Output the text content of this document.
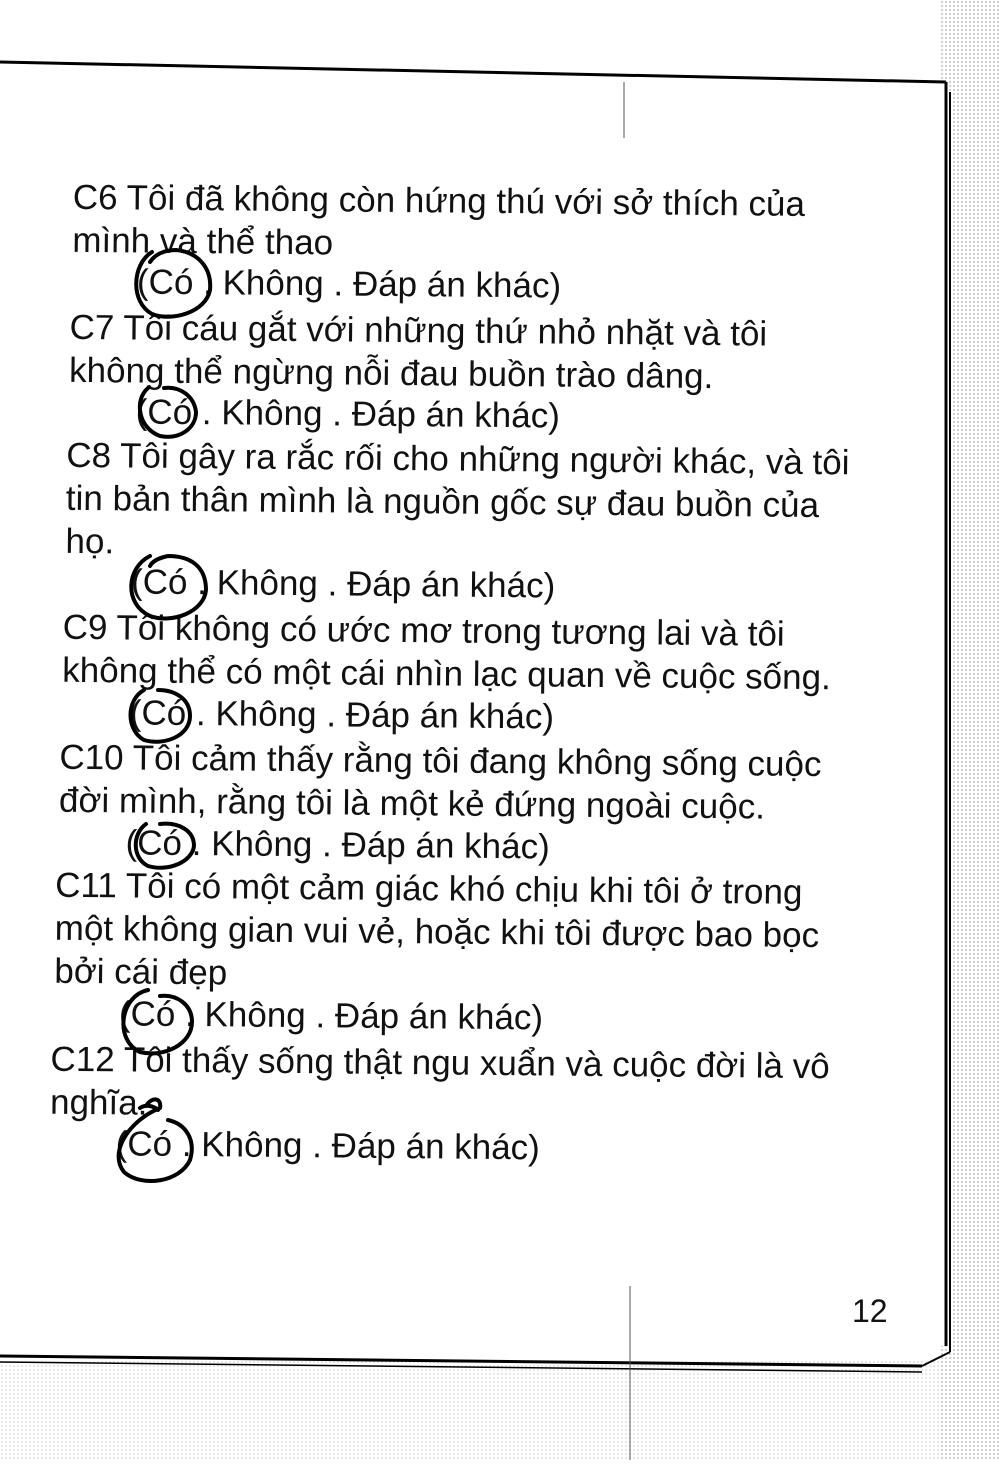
C6 Tôi đã không còn hứng thú với sở thích của
mình và thể thao
(Có . Không . Đáp án khác)
C7 Tôi cáu gắt với những thứ nhỏ nhặt và tôi
không thể ngừng nỗi đau buồn trào dâng.
(Có . Không . Đáp án khác)
C8 Tôi gây ra rắc rối cho những người khác, và tôi
tin bản thân mình là nguồn gốc sự đau buồn của
họ.
(Có . Không . Đáp án khác)
C9 Tôi không có ước mơ trong tương lai và tôi
không thể có một cái nhìn lạc quan về cuộc sống.
(Có . Không . Đáp án khác)
C10 Tôi cảm thấy rằng tôi đang không sống cuộc
đời mình, rằng tôi là một kẻ đứng ngoài cuộc.
(Có . Không . Đáp án khác)
C11 Tôi có một cảm giác khó chịu khi tôi ở trong
một không gian vui vẻ, hoặc khi tôi được bao bọc
bởi cái đẹp
(Có . Không . Đáp án khác)
C12 Tôi thấy sống thật ngu xuẩn và cuộc đời là vô
nghĩa.
(Có . Không . Đáp án khác)
12
